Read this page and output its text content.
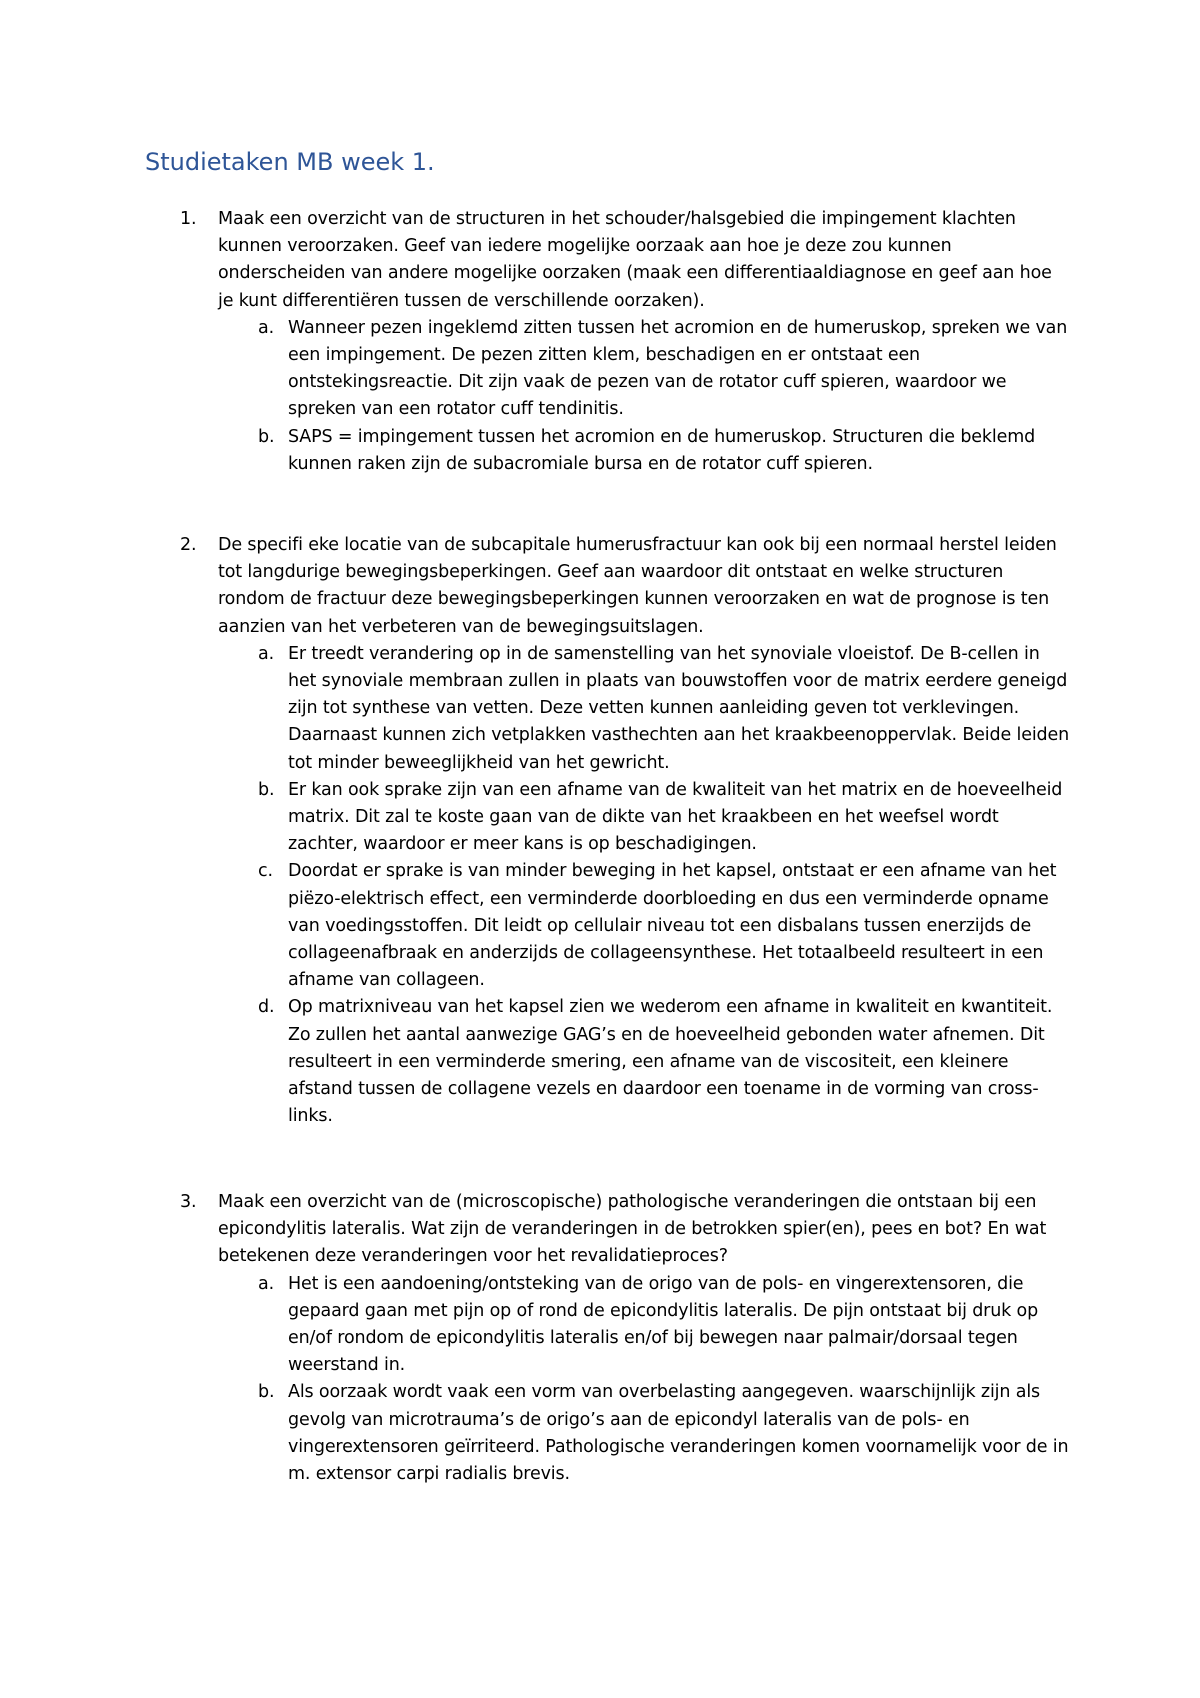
Studietaken MB week 1.
1. Maak een overzicht van de structuren in het schouder/halsgebied die impingement klachten kunnen veroorzaken. Geef van iedere mogelijke oorzaak aan hoe je deze zou kunnen onderscheiden van andere mogelijke oorzaken (maak een differentiaaldiagnose en geef aan hoe je kunt differentiëren tussen de verschillende oorzaken).
a. Wanneer pezen ingeklemd zitten tussen het acromion en de humeruskop, spreken we van een impingement. De pezen zitten klem, beschadigen en er ontstaat een ontstekingsreactie. Dit zijn vaak de pezen van de rotator cuff spieren, waardoor we spreken van een rotator cuff tendinitis.
b. SAPS = impingement tussen het acromion en de humeruskop. Structuren die beklemd kunnen raken zijn de subacromiale bursa en de rotator cuff spieren.
2. De specifi eke locatie van de subcapitale humerusfractuur kan ook bij een normaal herstel leiden tot langdurige bewegingsbeperkingen. Geef aan waardoor dit ontstaat en welke structuren rondom de fractuur deze bewegingsbeperkingen kunnen veroorzaken en wat de prognose is ten aanzien van het verbeteren van de bewegingsuitslagen.
a. Er treedt verandering op in de samenstelling van het synoviale vloeistof. De B-cellen in het synoviale membraan zullen in plaats van bouwstoffen voor de matrix eerdere geneigd zijn tot synthese van vetten. Deze vetten kunnen aanleiding geven tot verklevingen. Daarnaast kunnen zich vetplakken vasthechten aan het kraakbeenoppervlak. Beide leiden tot minder beweeglijkheid van het gewricht.
b. Er kan ook sprake zijn van een afname van de kwaliteit van het matrix en de hoeveelheid matrix. Dit zal te koste gaan van de dikte van het kraakbeen en het weefsel wordt zachter, waardoor er meer kans is op beschadigingen.
c. Doordat er sprake is van minder beweging in het kapsel, ontstaat er een afname van het piëzo-elektrisch effect, een verminderde doorbloeding en dus een verminderde opname van voedingsstoffen. Dit leidt op cellulair niveau tot een disbalans tussen enerzijds de collageenafbraak en anderzijds de collageensynthese. Het totaalbeeld resulteert in een afname van collageen.
d. Op matrixniveau van het kapsel zien we wederom een afname in kwaliteit en kwantiteit. Zo zullen het aantal aanwezige GAG’s en de hoeveelheid gebonden water afnemen. Dit resulteert in een verminderde smering, een afname van de viscositeit, een kleinere afstand tussen de collagene vezels en daardoor een toename in de vorming van cross-links.
3. Maak een overzicht van de (microscopische) pathologische veranderingen die ontstaan bij een epicondylitis lateralis. Wat zijn de veranderingen in de betrokken spier(en), pees en bot? En wat betekenen deze veranderingen voor het revalidatieproces?
a. Het is een aandoening/ontsteking van de origo van de pols- en vingerextensoren, die gepaard gaan met pijn op of rond de epicondylitis lateralis. De pijn ontstaat bij druk op en/of rondom de epicondylitis lateralis en/of bij bewegen naar palmair/dorsaal tegen weerstand in.
b. Als oorzaak wordt vaak een vorm van overbelasting aangegeven. waarschijnlijk zijn als gevolg van microtrauma’s de origo’s aan de epicondyl lateralis van de pols- en vingerextensoren geïrriteerd. Pathologische veranderingen komen voornamelijk voor de in m. extensor carpi radialis brevis.
